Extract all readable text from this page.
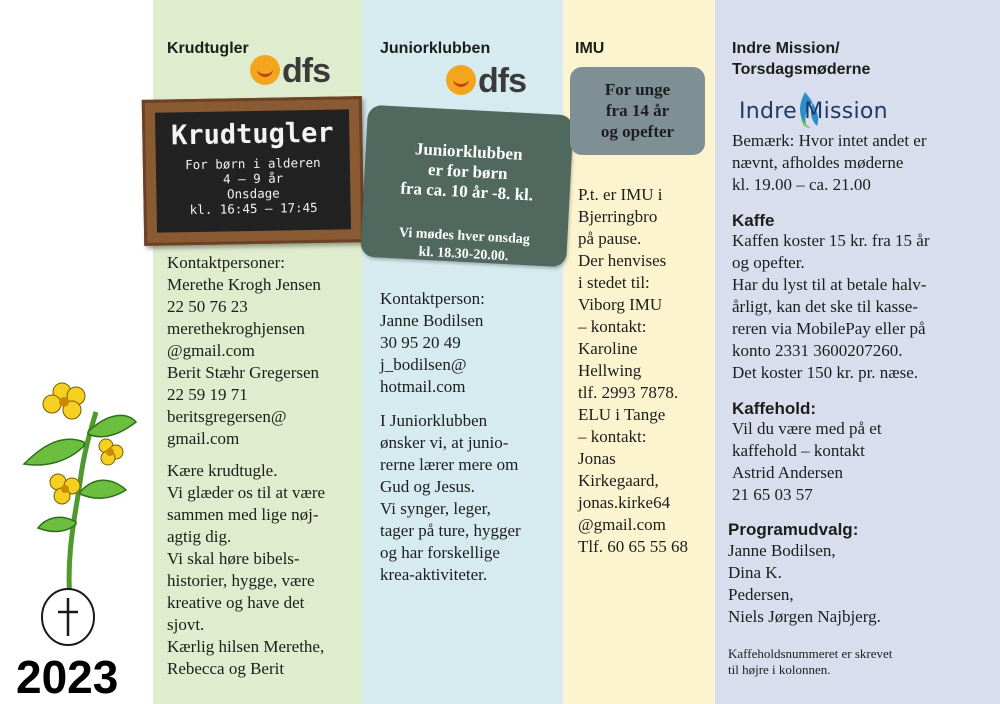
2023
Krudtugler
dfs
Krudtugler
For børn i alderen
4 – 9 år
Onsdage
kl. 16:45 – 17:45
Kontaktpersoner:
Merethe Krogh Jensen
22 50 76 23
merethekroghjensen
@gmail.com
Berit Stæhr Gregersen
22 59 19 71
beritsgregersen@
gmail.com
Kære krudtugle.
Vi glæder os til at være
sammen med lige nøj-
agtig dig.
Vi skal høre bibels-
historier, hygge, være
kreative og have det
sjovt.
Kærlig hilsen Merethe,
Rebecca og Berit
Juniorklubben
dfs

Juniorklubben
er for børn
fra ca. 10 år -8. kl.

Vi mødes hver onsdag
kl. 18.30-20.00.

Kontaktperson:
Janne Bodilsen
30 95 20 49
j_bodilsen@
hotmail.com
I Juniorklubben
ønsker vi, at junio-
rerne lærer mere om
Gud og Jesus.
Vi synger, leger,
tager på ture, hygger
og har forskellige
krea-aktiviteter.
IMU
For unge
fra 14 år
og opefter
P.t. er IMU i
Bjerringbro
på pause.
Der henvises
i stedet til:
Viborg IMU
– kontakt:
Karoline
Hellwing
tlf. 2993 7878.
ELU i Tange
– kontakt:
Jonas
Kirkegaard,
jonas.kirke64
@gmail.com
Tlf. 60 65 55 68
Indre Mission/
Torsdagsmøderne
Indre Mission
Bemærk: Hvor intet andet er
nævnt, afholdes møderne
kl. 19.00 – ca. 21.00
Kaffe
Kaffen koster 15 kr. fra 15 år
og opefter.
Har du lyst til at betale halv-
årligt, kan det ske til kasse-
reren via MobilePay eller på
konto 2331 3600207260.
Det koster 150 kr. pr. næse.
Kaffehold:
Vil du være med på et
kaffehold – kontakt
Astrid Andersen
21 65 03 57
Programudvalg:
Janne Bodilsen,
Dina K.
Pedersen,
Niels Jørgen Najbjerg.
Kaffeholdsnummeret er skrevet
til højre i kolonnen.
